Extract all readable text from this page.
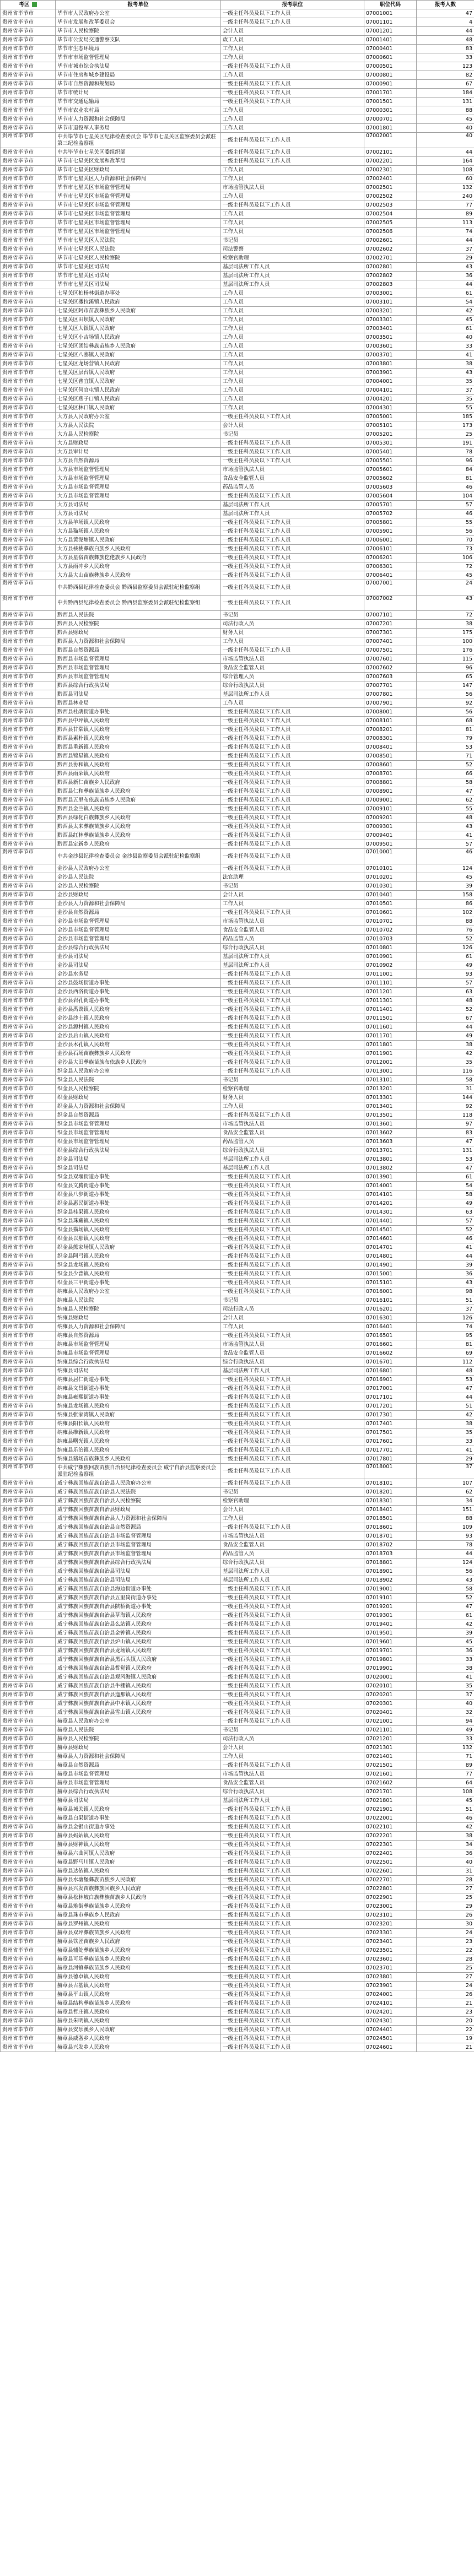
考区	报考单位	报考职位	职位代码	报考人数
贵州省毕节市	毕节市人民政府办公室	一级主任科员及以下工作人员	07001001	47
贵州省毕节市	毕节市发展和改革委员会	一级主任科员及以下工作人员	07001101	4
贵州省毕节市	毕节市人民检察院	会计人员	07001201	44
贵州省毕节市	毕节市公安局交通警察支队	政工人员	07001401	48
贵州省毕节市	毕节市生态环境局	工作人员	07000401	83
贵州省毕节市	毕节市市场监督管理局	工作人员	07000601	33
贵州省毕节市	毕节市城市综合执法局	一级主任科员及以下工作人员	07000501	123
贵州省毕节市	毕节市住房和城乡建设局	工作人员	07000801	82
贵州省毕节市	毕节市自然资源和规划局	一级主任科员及以下工作人员	07000901	67
贵州省毕节市	毕节市统计局	一级主任科员及以下工作人员	07001701	184
贵州省毕节市	毕节市交通运输局	一级主任科员及以下工作人员	07001501	131
贵州省毕节市	毕节市农业农村局	工作人员	07000301	88
贵州省毕节市	毕节市人力资源和社会保障局	工作人员	07000701	45
贵州省毕节市	毕节市退役军人事务局	工作人员	07001801	40
贵州省毕节市	中共毕节市七星关区纪律检查委员会 毕节市七星关区监察委员会派驻第三纪检监察组	一级主任科员及以下工作人员	07002001	40
贵州省毕节市	中共毕节市七星关区委组织部	一级主任科员及以下工作人员	07002101	44
贵州省毕节市	毕节市七星关区发展和改革局	一级主任科员及以下工作人员	07002201	164
贵州省毕节市	毕节市七星关区财政局	工作人员	07002301	108
贵州省毕节市	毕节市七星关区人力资源和社会保障局	工作人员	07002401	60
贵州省毕节市	毕节市七星关区市场监督管理局	市场监管执法人员	07002501	132
贵州省毕节市	毕节市七星关区市场监督管理局	工作人员	07002502	240
贵州省毕节市	毕节市七星关区市场监督管理局	一级主任科员及以下工作人员	07002503	77
贵州省毕节市	毕节市七星关区市场监督管理局	工作人员	07002504	89
贵州省毕节市	毕节市七星关区市场监督管理局	工作人员	07002505	113
贵州省毕节市	毕节市七星关区市场监督管理局	工作人员	07002506	74
贵州省毕节市	毕节市七星关区人民法院	书记员	07002601	44
贵州省毕节市	毕节市七星关区人民法院	司法警察	07002602	37
贵州省毕节市	毕节市七星关区人民检察院	检察官助理	07002701	29
贵州省毕节市	毕节市七星关区司法局	基层司法所工作人员	07002801	43
贵州省毕节市	毕节市七星关区司法局	基层司法所工作人员	07002802	36
贵州省毕节市	毕节市七星关区司法局	基层司法所工作人员	07002803	44
贵州省毕节市	七星关区柏杨林街道办事处	工作人员	07003001	61
贵州省毕节市	七星关区撒拉溪镇人民政府	工作人员	07003101	54
贵州省毕节市	七星关区阿市苗族彝族乡人民政府	工作人员	07003201	42
贵州省毕节市	七星关区田坝镇人民政府	工作人员	07003301	45
贵州省毕节市	七星关区大银镇人民政府	工作人员	07003401	61
贵州省毕节市	七星关区小吉场镇人民政府	工作人员	07003501	40
贵州省毕节市	七星关区团结彝族苗族乡人民政府	工作人员	07003601	33
贵州省毕节市	七星关区八寨镇人民政府	工作人员	07003701	41
贵州省毕节市	七星关区龙场营镇人民政府	工作人员	07003801	38
贵州省毕节市	七星关区层台镇人民政府	工作人员	07003901	43
贵州省毕节市	七星关区普宜镇人民政府	工作人员	07004001	35
贵州省毕节市	七星关区何官屯镇人民政府	工作人员	07004101	37
贵州省毕节市	七星关区燕子口镇人民政府	工作人员	07004201	35
贵州省毕节市	七星关区林口镇人民政府	工作人员	07004301	55
贵州省毕节市	大方县人民政府办公室	一级主任科员及以下工作人员	07005001	185
贵州省毕节市	大方县人民法院	会计人员	07005101	173
贵州省毕节市	大方县人民检察院	书记员	07005201	25
贵州省毕节市	大方县财政局	一级主任科员及以下工作人员	07005301	191
贵州省毕节市	大方县审计局	一级主任科员及以下工作人员	07005401	78
贵州省毕节市	大方县自然资源局	一级主任科员及以下工作人员	07005501	96
贵州省毕节市	大方县市场监督管理局	市场监管执法人员	07005601	84
贵州省毕节市	大方县市场监督管理局	食品安全监管人员	07005602	81
贵州省毕节市	大方县市场监督管理局	药品监管人员	07005603	46
贵州省毕节市	大方县市场监督管理局	一级主任科员及以下工作人员	07005604	104
贵州省毕节市	大方县司法局	基层司法所工作人员	07005701	57
贵州省毕节市	大方县司法局	基层司法所工作人员	07005702	46
贵州省毕节市	大方县羊场镇人民政府	一级主任科员及以下工作人员	07005801	55
贵州省毕节市	大方县猫场镇人民政府	一级主任科员及以下工作人员	07005901	56
贵州省毕节市	大方县黄泥塘镇人民政府	一级主任科员及以下工作人员	07006001	70
贵州省毕节市	大方县核桃彝族白族乡人民政府	一级主任科员及以下工作人员	07006101	73
贵州省毕节市	大方县星宿苗族彝族仡佬族乡人民政府	一级主任科员及以下工作人员	07006201	106
贵州省毕节市	大方县雨冲乡人民政府	一级主任科员及以下工作人员	07006301	72
贵州省毕节市	大方县大山苗族彝族乡人民政府	一级主任科员及以下工作人员	07006401	45
贵州省毕节市	中共黔西县纪律检查委员会 黔西县监察委员会派驻纪检监察组	一级主任科员及以下工作人员	07007001	24
贵州省毕节市	中共黔西县纪律检查委员会 黔西县监察委员会派驻纪检监察组	一级主任科员及以下工作人员	07007002	43
贵州省毕节市	黔西县人民法院	书记员	07007101	72
贵州省毕节市	黔西县人民检察院	司法行政人员	07007201	38
贵州省毕节市	黔西县财政局	财务人员	07007301	175
贵州省毕节市	黔西县人力资源和社会保障局	工作人员	07007401	100
贵州省毕节市	黔西县自然资源局	一级主任科员及以下工作人员	07007501	176
贵州省毕节市	黔西县市场监督管理局	市场监管执法人员	07007601	115
贵州省毕节市	黔西县市场监督管理局	食品安全监管人员	07007602	96
贵州省毕节市	黔西县市场监督管理局	综合管理人员	07007603	65
贵州省毕节市	黔西县综合行政执法局	综合行政执法人员	07007701	147
贵州省毕节市	黔西县司法局	基层司法所工作人员	07007801	56
贵州省毕节市	黔西县林业局	工作人员	07007901	92
贵州省毕节市	黔西县杜鹃街道办事处	一级主任科员及以下工作人员	07008001	56
贵州省毕节市	黔西县中坪镇人民政府	一级主任科员及以下工作人员	07008101	68
贵州省毕节市	黔西县甘棠镇人民政府	一级主任科员及以下工作人员	07008201	81
贵州省毕节市	黔西县素朴镇人民政府	一级主任科员及以下工作人员	07008301	79
贵州省毕节市	黔西县重新镇人民政府	一级主任科员及以下工作人员	07008401	53
贵州省毕节市	黔西县锦星镇人民政府	一级主任科员及以下工作人员	07008501	71
贵州省毕节市	黔西县协和镇人民政府	一级主任科员及以下工作人员	07008601	52
贵州省毕节市	黔西县雨朵镇人民政府	一级主任科员及以下工作人员	07008701	66
贵州省毕节市	黔西县新仁苗族乡人民政府	一级主任科员及以下工作人员	07008801	58
贵州省毕节市	黔西县仁和彝族苗族乡人民政府	一级主任科员及以下工作人员	07008901	47
贵州省毕节市	黔西县五里布依族苗族乡人民政府	一级主任科员及以下工作人员	07009001	62
贵州省毕节市	黔西县金兰镇人民政府	一级主任科员及以下工作人员	07009101	55
贵州省毕节市	黔西县绿化白族彝族乡人民政府	一级主任科员及以下工作人员	07009201	48
贵州省毕节市	黔西县太来彝族苗族乡人民政府	一级主任科员及以下工作人员	07009301	43
贵州省毕节市	黔西县红林彝族苗族乡人民政府	一级主任科员及以下工作人员	07009401	41
贵州省毕节市	黔西县定新乡人民政府	一级主任科员及以下工作人员	07009501	57
贵州省毕节市	中共金沙县纪律检查委员会 金沙县监察委员会派驻纪检监察组	一级主任科员及以下工作人员	07010001	46
贵州省毕节市	金沙县人民政府办公室	一级主任科员及以下工作人员	07010101	124
贵州省毕节市	金沙县人民法院	法官助理	07010201	45
贵州省毕节市	金沙县人民检察院	书记员	07010301	39
贵州省毕节市	金沙县财政局	会计人员	07010401	158
贵州省毕节市	金沙县人力资源和社会保障局	工作人员	07010501	86
贵州省毕节市	金沙县自然资源局	一级主任科员及以下工作人员	07010601	102
贵州省毕节市	金沙县市场监督管理局	市场监管执法人员	07010701	88
贵州省毕节市	金沙县市场监督管理局	食品安全监管人员	07010702	76
贵州省毕节市	金沙县市场监督管理局	药品监管人员	07010703	52
贵州省毕节市	金沙县综合行政执法局	综合行政执法人员	07010801	126
贵州省毕节市	金沙县司法局	基层司法所工作人员	07010901	61
贵州省毕节市	金沙县司法局	基层司法所工作人员	07010902	49
贵州省毕节市	金沙县水务局	一级主任科员及以下工作人员	07011001	93
贵州省毕节市	金沙县鼓场街道办事处	一级主任科员及以下工作人员	07011101	57
贵州省毕节市	金沙县西洛街道办事处	一级主任科员及以下工作人员	07011201	63
贵州省毕节市	金沙县岩孔街道办事处	一级主任科员及以下工作人员	07011301	48
贵州省毕节市	金沙县禹谟镇人民政府	一级主任科员及以下工作人员	07011401	52
贵州省毕节市	金沙县沙土镇人民政府	一级主任科员及以下工作人员	07011501	67
贵州省毕节市	金沙县源村镇人民政府	一级主任科员及以下工作人员	07011601	44
贵州省毕节市	金沙县后山镇人民政府	一级主任科员及以下工作人员	07011701	49
贵州省毕节市	金沙县木孔镇人民政府	一级主任科员及以下工作人员	07011801	38
贵州省毕节市	金沙县石场苗族彝族乡人民政府	一级主任科员及以下工作人员	07011901	42
贵州省毕节市	金沙县大田彝族苗族布依族乡人民政府	一级主任科员及以下工作人员	07012001	35
贵州省毕节市	织金县人民政府办公室	一级主任科员及以下工作人员	07013001	116
贵州省毕节市	织金县人民法院	书记员	07013101	58
贵州省毕节市	织金县人民检察院	检察官助理	07013201	31
贵州省毕节市	织金县财政局	财务人员	07013301	144
贵州省毕节市	织金县人力资源和社会保障局	工作人员	07013401	92
贵州省毕节市	织金县自然资源局	一级主任科员及以下工作人员	07013501	118
贵州省毕节市	织金县市场监督管理局	市场监管执法人员	07013601	97
贵州省毕节市	织金县市场监督管理局	食品安全监管人员	07013602	83
贵州省毕节市	织金县市场监督管理局	药品监管人员	07013603	47
贵州省毕节市	织金县综合行政执法局	综合行政执法人员	07013701	131
贵州省毕节市	织金县司法局	基层司法所工作人员	07013801	53
贵州省毕节市	织金县司法局	基层司法所工作人员	07013802	47
贵州省毕节市	织金县双堰街道办事处	一级主任科员及以下工作人员	07013901	61
贵州省毕节市	织金县文腾街道办事处	一级主任科员及以下工作人员	07014001	54
贵州省毕节市	织金县八步街道办事处	一级主任科员及以下工作人员	07014101	58
贵州省毕节市	织金县惠民街道办事处	一级主任科员及以下工作人员	07014201	49
贵州省毕节市	织金县桂果镇人民政府	一级主任科员及以下工作人员	07014301	63
贵州省毕节市	织金县珠藏镇人民政府	一级主任科员及以下工作人员	07014401	57
贵州省毕节市	织金县猫场镇人民政府	一级主任科员及以下工作人员	07014501	52
贵州省毕节市	织金县以那镇人民政府	一级主任科员及以下工作人员	07014601	46
贵州省毕节市	织金县熊家场镇人民政府	一级主任科员及以下工作人员	07014701	41
贵州省毕节市	织金县阿弓镇人民政府	一级主任科员及以下工作人员	07014801	44
贵州省毕节市	织金县龙场镇人民政府	一级主任科员及以下工作人员	07014901	39
贵州省毕节市	织金县少普镇人民政府	一级主任科员及以下工作人员	07015001	36
贵州省毕节市	织金县三甲街道办事处	一级主任科员及以下工作人员	07015101	43
贵州省毕节市	纳雍县人民政府办公室	一级主任科员及以下工作人员	07016001	98
贵州省毕节市	纳雍县人民法院	书记员	07016101	51
贵州省毕节市	纳雍县人民检察院	司法行政人员	07016201	37
贵州省毕节市	纳雍县财政局	会计人员	07016301	126
贵州省毕节市	纳雍县人力资源和社会保障局	工作人员	07016401	74
贵州省毕节市	纳雍县自然资源局	一级主任科员及以下工作人员	07016501	95
贵州省毕节市	纳雍县市场监督管理局	市场监管执法人员	07016601	81
贵州省毕节市	纳雍县市场监督管理局	食品安全监管人员	07016602	69
贵州省毕节市	纳雍县综合行政执法局	综合行政执法人员	07016701	112
贵州省毕节市	纳雍县司法局	基层司法所工作人员	07016801	48
贵州省毕节市	纳雍县居仁街道办事处	一级主任科员及以下工作人员	07016901	53
贵州省毕节市	纳雍县文昌街道办事处	一级主任科员及以下工作人员	07017001	47
贵州省毕节市	纳雍县雍熙街道办事处	一级主任科员及以下工作人员	07017101	44
贵州省毕节市	纳雍县龙场镇人民政府	一级主任科员及以下工作人员	07017201	51
贵州省毕节市	纳雍县张家湾镇人民政府	一级主任科员及以下工作人员	07017301	42
贵州省毕节市	纳雍县阳长镇人民政府	一级主任科员及以下工作人员	07017401	38
贵州省毕节市	纳雍县维新镇人民政府	一级主任科员及以下工作人员	07017501	35
贵州省毕节市	纳雍县曙光镇人民政府	一级主任科员及以下工作人员	07017601	33
贵州省毕节市	纳雍县乐治镇人民政府	一级主任科员及以下工作人员	07017701	41
贵州省毕节市	纳雍县猪场苗族彝族乡人民政府	一级主任科员及以下工作人员	07017801	29
贵州省毕节市	中共威宁彝族回族苗族自治县纪律检查委员会 威宁自治县监察委员会派驻纪检监察组	一级主任科员及以下工作人员	07018001	37
贵州省毕节市	威宁彝族回族苗族自治县人民政府办公室	一级主任科员及以下工作人员	07018101	107
贵州省毕节市	威宁彝族回族苗族自治县人民法院	书记员	07018201	62
贵州省毕节市	威宁彝族回族苗族自治县人民检察院	检察官助理	07018301	34
贵州省毕节市	威宁彝族回族苗族自治县财政局	会计人员	07018401	151
贵州省毕节市	威宁彝族回族苗族自治县人力资源和社会保障局	工作人员	07018501	88
贵州省毕节市	威宁彝族回族苗族自治县自然资源局	一级主任科员及以下工作人员	07018601	109
贵州省毕节市	威宁彝族回族苗族自治县市场监督管理局	市场监管执法人员	07018701	93
贵州省毕节市	威宁彝族回族苗族自治县市场监督管理局	食品安全监管人员	07018702	78
贵州省毕节市	威宁彝族回族苗族自治县市场监督管理局	药品监管人员	07018703	44
贵州省毕节市	威宁彝族回族苗族自治县综合行政执法局	综合行政执法人员	07018801	124
贵州省毕节市	威宁彝族回族苗族自治县司法局	基层司法所工作人员	07018901	56
贵州省毕节市	威宁彝族回族苗族自治县司法局	基层司法所工作人员	07018902	43
贵州省毕节市	威宁彝族回族苗族自治县海边街道办事处	一级主任科员及以下工作人员	07019001	58
贵州省毕节市	威宁彝族回族苗族自治县五里岗街道办事处	一级主任科员及以下工作人员	07019101	52
贵州省毕节市	威宁彝族回族苗族自治县陕桥街道办事处	一级主任科员及以下工作人员	07019201	47
贵州省毕节市	威宁彝族回族苗族自治县草海镇人民政府	一级主任科员及以下工作人员	07019301	61
贵州省毕节市	威宁彝族回族苗族自治县么站镇人民政府	一级主任科员及以下工作人员	07019401	42
贵州省毕节市	威宁彝族回族苗族自治县金钟镇人民政府	一级主任科员及以下工作人员	07019501	39
贵州省毕节市	威宁彝族回族苗族自治县炉山镇人民政府	一级主任科员及以下工作人员	07019601	45
贵州省毕节市	威宁彝族回族苗族自治县龙场镇人民政府	一级主任科员及以下工作人员	07019701	36
贵州省毕节市	威宁彝族回族苗族自治县黑石头镇人民政府	一级主任科员及以下工作人员	07019801	33
贵州省毕节市	威宁彝族回族苗族自治县哲觉镇人民政府	一级主任科员及以下工作人员	07019901	38
贵州省毕节市	威宁彝族回族苗族自治县观风海镇人民政府	一级主任科员及以下工作人员	07020001	41
贵州省毕节市	威宁彝族回族苗族自治县牛棚镇人民政府	一级主任科员及以下工作人员	07020101	35
贵州省毕节市	威宁彝族回族苗族自治县迤那镇人民政府	一级主任科员及以下工作人员	07020201	37
贵州省毕节市	威宁彝族回族苗族自治县中水镇人民政府	一级主任科员及以下工作人员	07020301	40
贵州省毕节市	威宁彝族回族苗族自治县雪山镇人民政府	一级主任科员及以下工作人员	07020401	32
贵州省毕节市	赫章县人民政府办公室	一级主任科员及以下工作人员	07021001	94
贵州省毕节市	赫章县人民法院	书记员	07021101	49
贵州省毕节市	赫章县人民检察院	司法行政人员	07021201	33
贵州省毕节市	赫章县财政局	会计人员	07021301	132
贵州省毕节市	赫章县人力资源和社会保障局	工作人员	07021401	71
贵州省毕节市	赫章县自然资源局	一级主任科员及以下工作人员	07021501	89
贵州省毕节市	赫章县市场监督管理局	市场监管执法人员	07021601	77
贵州省毕节市	赫章县市场监督管理局	食品安全监管人员	07021602	64
贵州省毕节市	赫章县综合行政执法局	综合行政执法人员	07021701	108
贵州省毕节市	赫章县司法局	基层司法所工作人员	07021801	45
贵州省毕节市	赫章县城关镇人民政府	一级主任科员及以下工作人员	07021901	51
贵州省毕节市	赫章县白果街道办事处	一级主任科员及以下工作人员	07022001	46
贵州省毕节市	赫章县金银山街道办事处	一级主任科员及以下工作人员	07022101	42
贵州省毕节市	赫章县妈姑镇人民政府	一级主任科员及以下工作人员	07022201	38
贵州省毕节市	赫章县财神镇人民政府	一级主任科员及以下工作人员	07022301	34
贵州省毕节市	赫章县六曲河镇人民政府	一级主任科员及以下工作人员	07022401	36
贵州省毕节市	赫章县野马川镇人民政府	一级主任科员及以下工作人员	07022501	40
贵州省毕节市	赫章县达依镇人民政府	一级主任科员及以下工作人员	07022601	31
贵州省毕节市	赫章县水塘堡彝族苗族乡人民政府	一级主任科员及以下工作人员	07022701	28
贵州省毕节市	赫章县兴发苗族彝族回族乡人民政府	一级主任科员及以下工作人员	07022801	27
贵州省毕节市	赫章县松林坡白族彝族苗族乡人民政府	一级主任科员及以下工作人员	07022901	25
贵州省毕节市	赫章县雉街彝族苗族乡人民政府	一级主任科员及以下工作人员	07023001	29
贵州省毕节市	赫章县珠市彝族乡人民政府	一级主任科员及以下工作人员	07023101	26
贵州省毕节市	赫章县罗州镇人民政府	一级主任科员及以下工作人员	07023201	30
贵州省毕节市	赫章县双坪彝族苗族乡人民政府	一级主任科员及以下工作人员	07023301	24
贵州省毕节市	赫章县铁匠苗族乡人民政府	一级主任科员及以下工作人员	07023401	23
贵州省毕节市	赫章县辅处彝族苗族乡人民政府	一级主任科员及以下工作人员	07023501	22
贵州省毕节市	赫章县可乐彝族苗族乡人民政府	一级主任科员及以下工作人员	07023601	28
贵州省毕节市	赫章县河镇彝族苗族乡人民政府	一级主任科员及以下工作人员	07023701	25
贵州省毕节市	赫章县德卓镇人民政府	一级主任科员及以下工作人员	07023801	27
贵州省毕节市	赫章县古基镇人民政府	一级主任科员及以下工作人员	07023901	24
贵州省毕节市	赫章县平山镇人民政府	一级主任科员及以下工作人员	07024001	26
贵州省毕节市	赫章县结构彝族苗族乡人民政府	一级主任科员及以下工作人员	07024101	21
贵州省毕节市	赫章县哲庄镇人民政府	一级主任科员及以下工作人员	07024201	23
贵州省毕节市	赫章县朱明镇人民政府	一级主任科员及以下工作人员	07024301	20
贵州省毕节市	赫章县安乐溪乡人民政府	一级主任科员及以下工作人员	07024401	22
贵州省毕节市	赫章县威奢乡人民政府	一级主任科员及以下工作人员	07024501	19
贵州省毕节市	赫章县兴发乡人民政府	一级主任科员及以下工作人员	07024601	21
